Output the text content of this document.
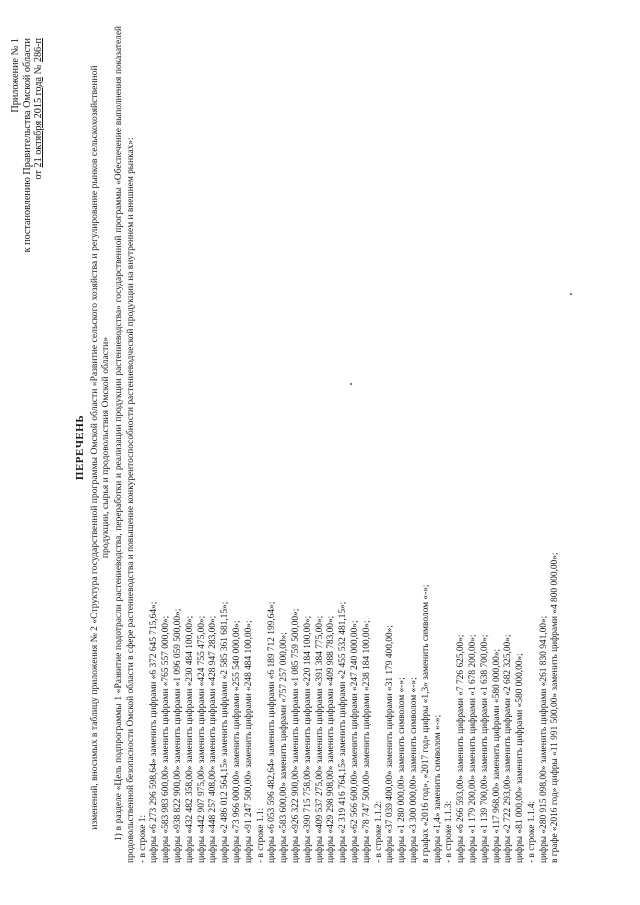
Приложение № 1 к постановлению Правительства Омской области от 21 октября 2015 года № 286-п
ПЕРЕЧЕНЬ изменений, вносимых в таблицу приложения № 2 «Структура государственной программы Омской области «Развитие сельского хозяйства и регулирование рынков сельскохозяйственной продукции, сырья и продовольствия Омской области» 1) в разделе «Цель подпрограммы 1 «Развитие подотрасли растениеводства, переработки и реализации продукции растениеводства» государственной программы «Обеспечение выполнения показателей продовольственной безопасности Омской области в сфере растениеводства и повышение конкурентоспособности растениеводческой продукции на внутреннем и внешнем рынках»: - в строке 1: цифры «6 273 296 598,64» заменить цифрами «6 372 645 715,64»; цифры «583 983 600,00» заменить цифрами «765 557 000,00»; цифры «938 822 900,00» заменить цифрами «1 096 059 500,00»; цифры «432 482 358,00» заменить цифрами «230 484 100,00»; цифры «442 907 975,00» заменить цифрами «424 755 475,00»; цифры «448 257 408,00» заменить цифрами «428 947 283,00»; цифры «2 486 012 564,15» заменить цифрами «2 585 361 681,15»; цифры «73 966 000,00» заменить цифрами «255 540 000,00»; цифры «91 247 500,00» заменить цифрами «248 484 100,00»; - в строке 1.1: цифры «6 053 596 482,64» заменить цифрами «6 189 712 199,64»; цифры «583 600,00» заменить цифрами «757 257 000,00»; цифры «926 322 900,00» заменить цифрами «1 085 759 500,00»; цифры «390 715 758,00» заменить цифрами «220 184 100,00»; цифры «409 537 275,00» заменить цифрами «391 384 775,00»; цифры «429 298 908,00» заменить цифрами «409 988 783,00»; цифры «2 319 416 764,15» заменить цифрами «2 455 532 481,15»; цифры «62 566 600,00» заменить цифрами «247 240 000,00»; цифры «78 747 500,00» заменить цифрами «238 184 100,00»; - в строке 1.1.2: цифры «37 039 400,00» заменить цифрами «31 179 400,00»; цифры «1 280 000,00» заменить символом «-»; цифры «3 300 000,00» заменить символом «-»; в графах «2016 год», «2017 год» цифры «1,3» заменить символом «-»; цифры «1,4» заменить символом «-»; - в строке 1.1.3: цифры «6 266 593,00» заменить цифрами «7 726 625,00»; цифры «1 179 200,00» заменить цифрами «1 678 200,00»; цифры «1 139 700,00» заменить цифрами «1 638 700,00»; цифры «117 968,00» заменить цифрами «580 000,00»; цифры «2 722 293,00» заменить цифрами «2 682 325,00»; цифры «81 000,00» заменить цифрами «580 000,00»; - в строке 1.1.4: цифры «280 915 098,00» заменить цифрами «261 830 941,00»; в графе «2016 год» цифры «11 991 500,00» заменить цифрами «4 800 000,00»;
